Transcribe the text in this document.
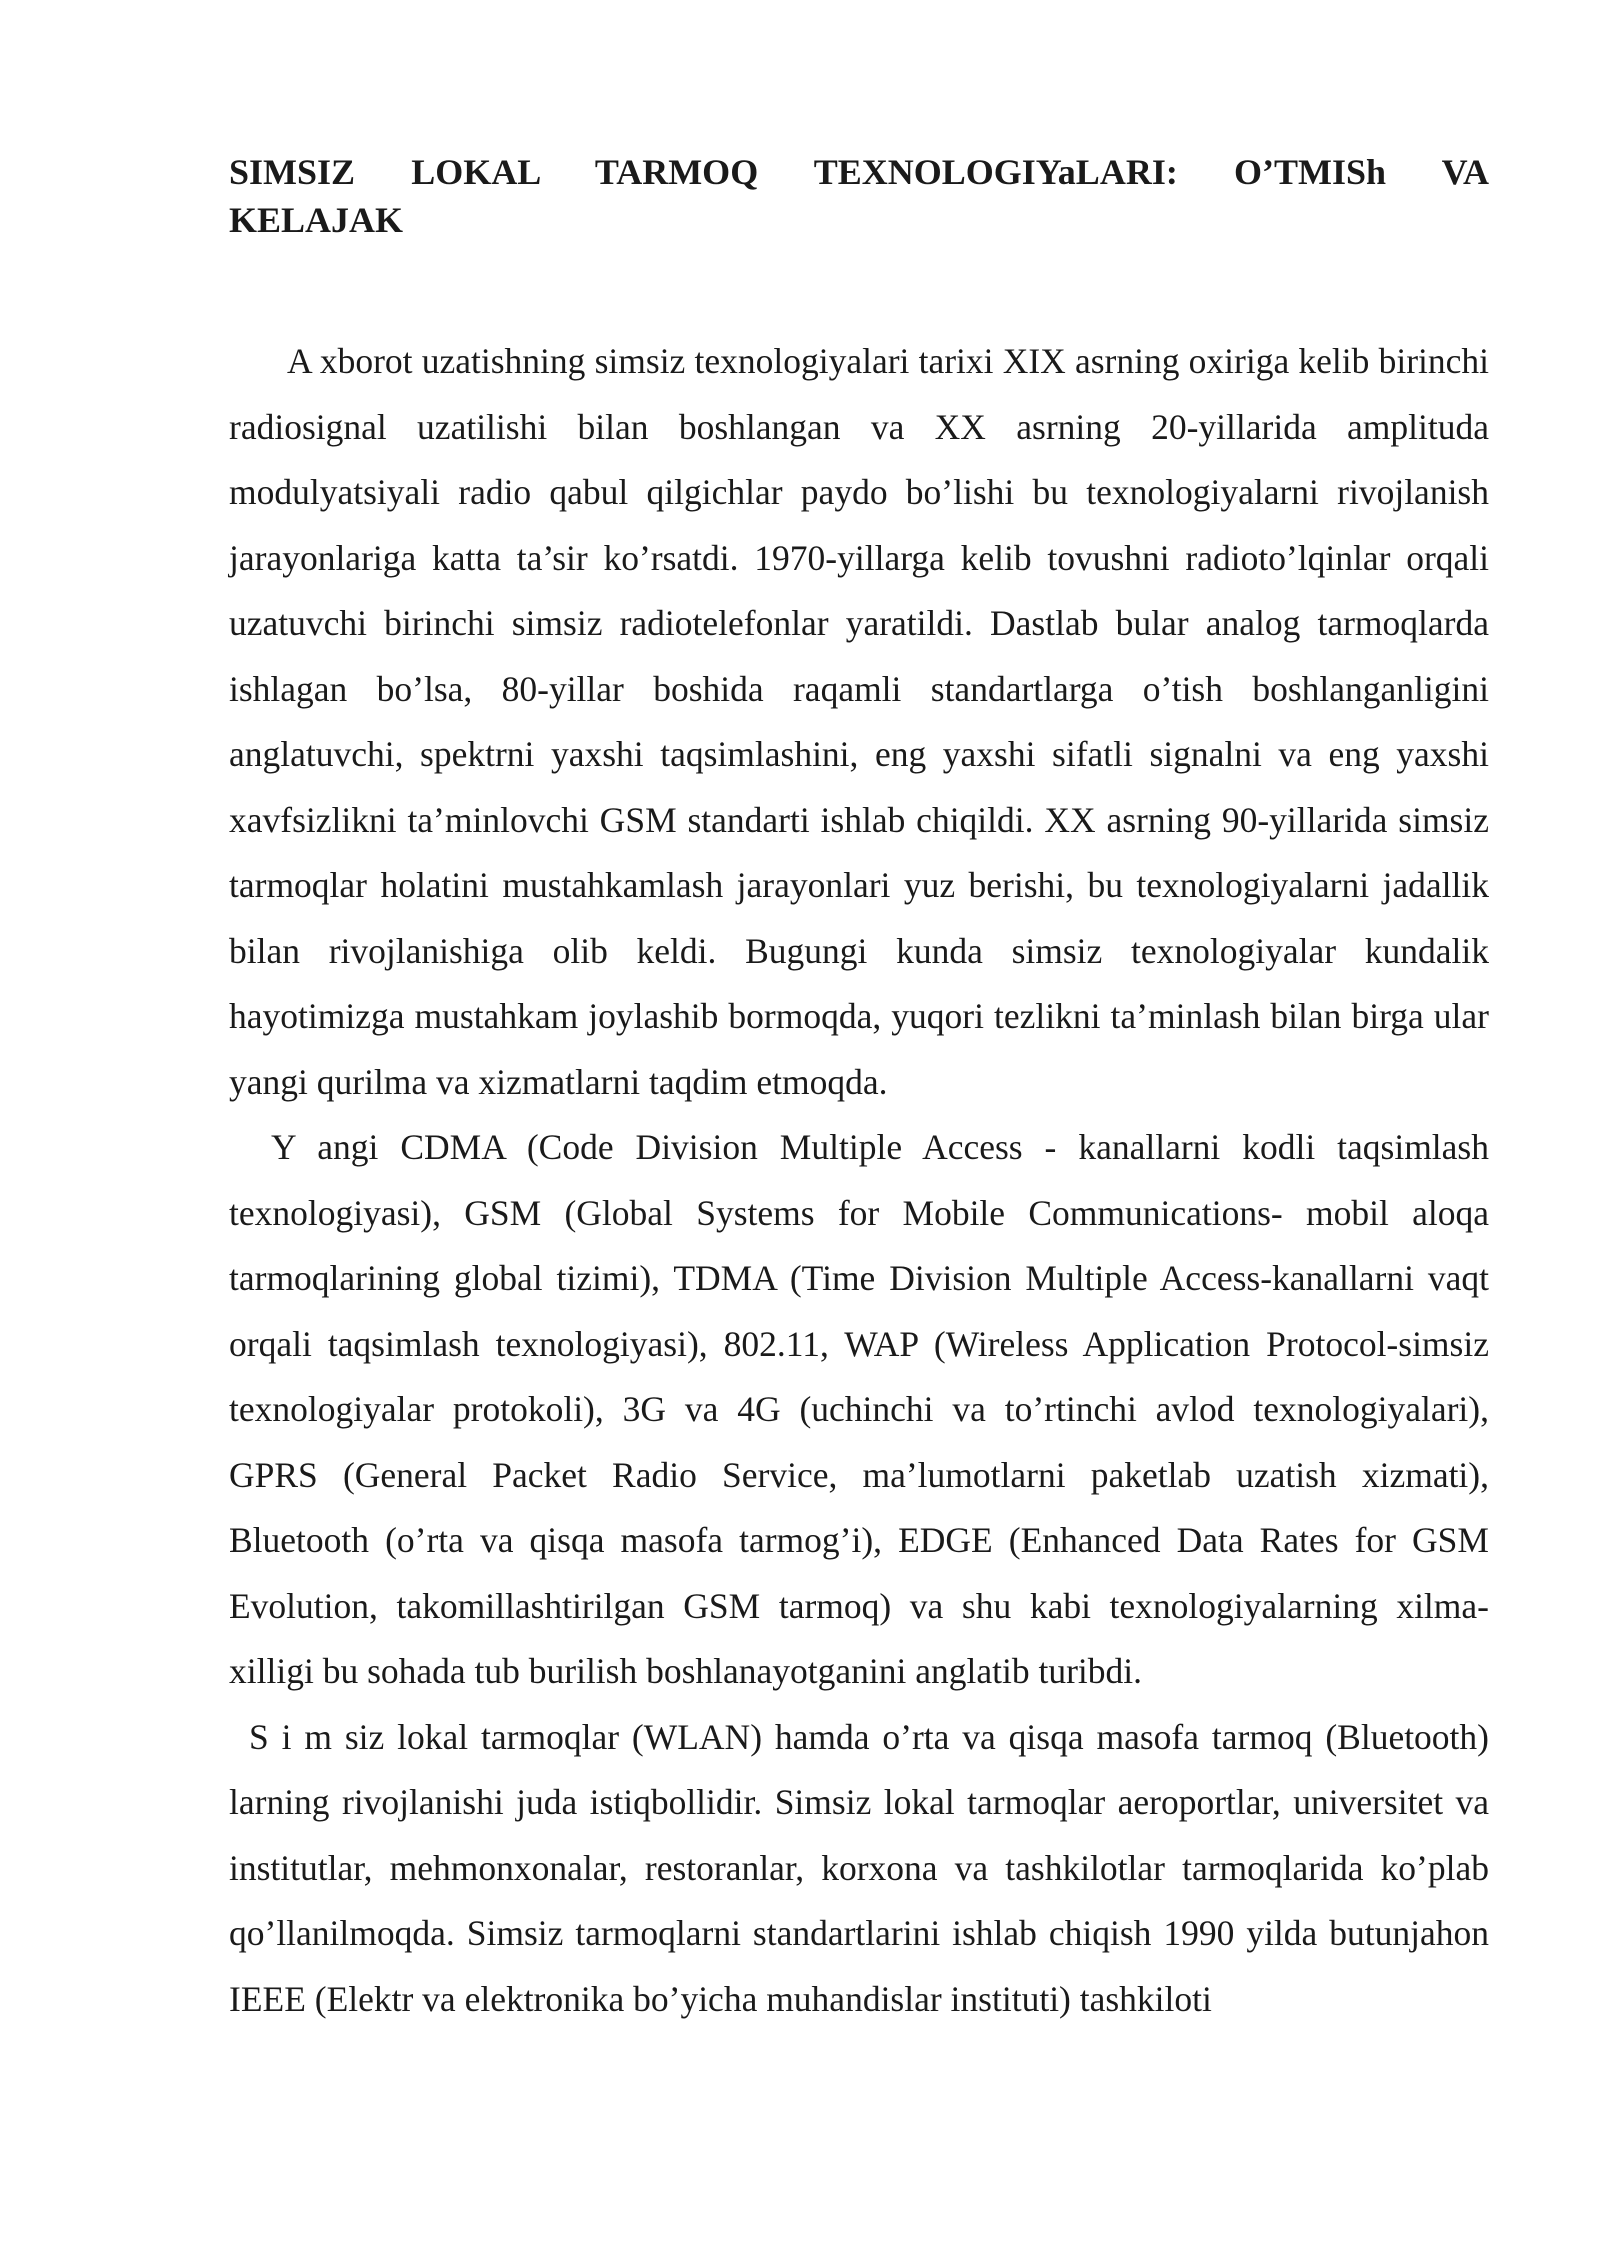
SIMSIZ LOKAL TARMOQ TEXNOLOGIYaLARI: O’TMISh VA KELAJAK

A xborot uzatishning simsiz texnologiyalari tarixi XIX asrning oxiriga kelib birinchi radiosignal uzatilishi bilan boshlangan va XX asrning 20-yillarida amplituda modulyatsiyali radio qabul qilgichlar paydo bo’lishi bu texnologiyalarni rivojlanish jarayonlariga katta ta’sir ko’rsatdi. 1970-yillarga kelib tovushni radioto’lqinlar orqali uzatuvchi birinchi simsiz radiotelefonlar yaratildi. Dastlab bular analog tarmoqlarda ishlagan bo’lsa, 80-yillar boshida raqamli standartlarga o’tish boshlanganligini anglatuvchi, spektrni yaxshi taqsimlashini, eng yaxshi sifatli signalni va eng yaxshi xavfsizlikni ta’minlovchi GSM standarti ishlab chiqildi. XX asrning 90-yillarida simsiz tarmoqlar holatini mustahkamlash jarayonlari yuz berishi, bu texnologiyalarni jadallik bilan rivojlanishiga olib keldi. Bugungi kunda simsiz texnologiyalar kundalik hayotimizga mustahkam joylashib bormoqda, yuqori tezlikni ta’minlash bilan birga ular yangi qurilma va xizmatlarni taqdim etmoqda.

Y angi CDMA (Code Division Multiple Access - kanallarni kodli taqsimlash texnologiyasi), GSM (Global Systems for Mobile Communications- mobil aloqa tarmoqlarining global tizimi), TDMA (Time Division Multiple Access-kanallarni vaqt orqali taqsimlash texnologiyasi), 802.11, WAP (Wireless Application Protocol-simsiz texnologiyalar protokoli), 3G va 4G (uchinchi va to’rtinchi avlod texnologiyalari), GPRS (General Packet Radio Service, ma’lumotlarni paketlab uzatish xizmati), Bluetooth (o’rta va qisqa masofa tarmog’i), EDGE (Enhanced Data Rates for GSM Evolution, takomillashtirilgan GSM tarmoq) va shu kabi texnologiyalarning xilma-xilligi bu sohada tub burilish boshlanayotganini anglatib turibdi.

S i m siz lokal tarmoqlar (WLAN) hamda o’rta va qisqa masofa tarmoq (Bluetooth) larning rivojlanishi juda istiqbollidir. Simsiz lokal tarmoqlar aeroportlar, universitet va institutlar, mehmonxonalar, restoranlar, korxona va tashkilotlar tarmoqlarida ko’plab qo’llanilmoqda. Simsiz tarmoqlarni standartlarini ishlab chiqish 1990 yilda butunjahon IEEE (Elektr va elektronika bo’yicha muhandislar instituti) tashkiloti
